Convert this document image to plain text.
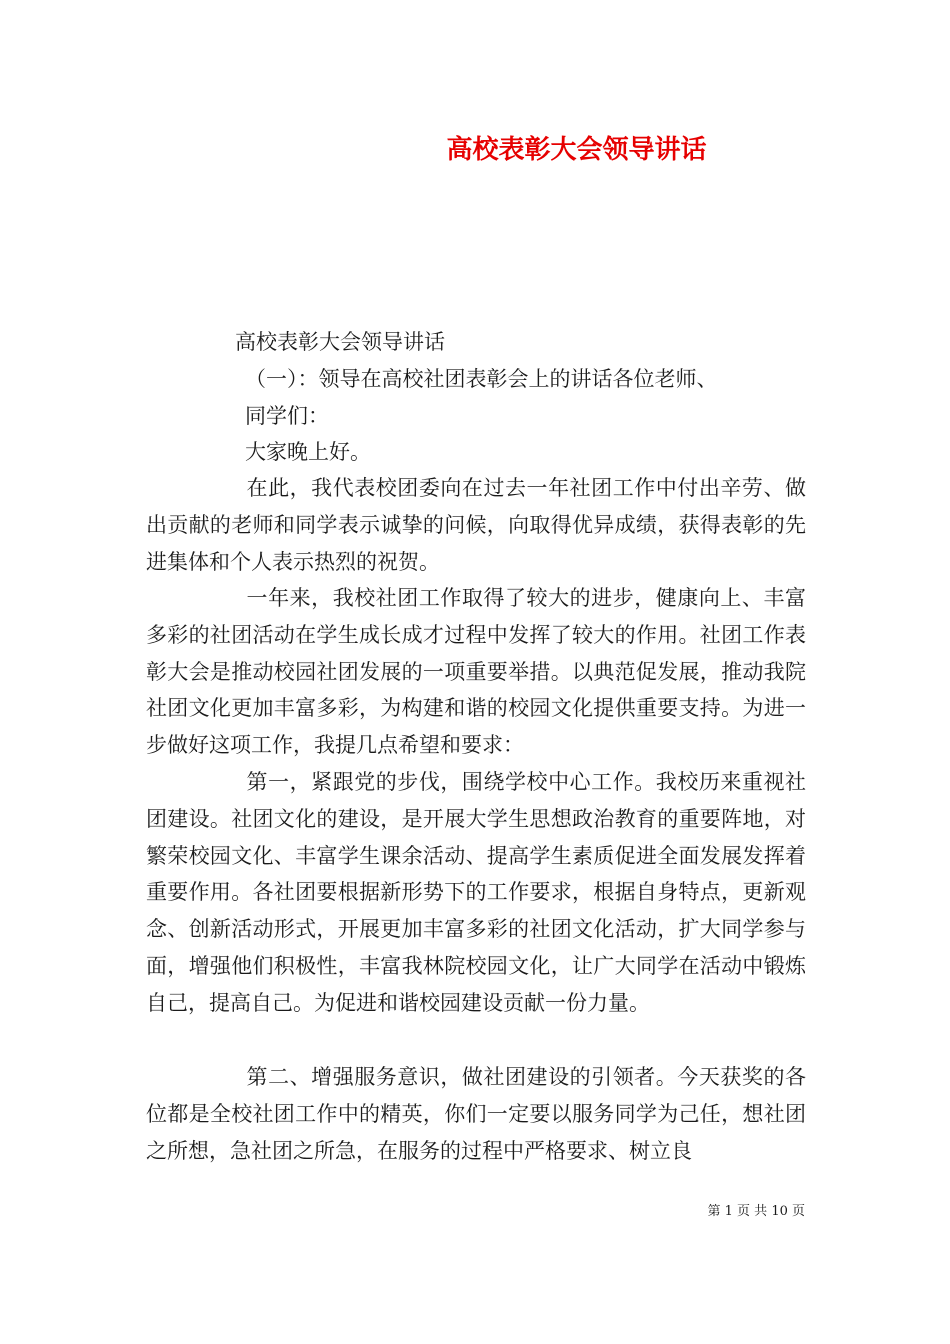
高校表彰大会领导讲话
高校表彰大会领导讲话
（一）：领导在高校社团表彰会上的讲话各位老师、
同学们：
大家晚上好。

在此，我代表校团委向在过去一年社团工作中付出辛劳、做出贡献的老师和同学表示诚挚的问候，向取得优异成绩，获得表彰的先进集体和个人表示热烈的祝贺。

一年来，我校社团工作取得了较大的进步，健康向上、丰富多彩的社团活动在学生成长成才过程中发挥了较大的作用。社团工作表彰大会是推动校园社团发展的一项重要举措。以典范促发展，推动我院社团文化更加丰富多彩，为构建和谐的校园文化提供重要支持。为进一步做好这项工作，我提几点希望和要求：

第一，紧跟党的步伐，围绕学校中心工作。我校历来重视社团建设。社团文化的建设，是开展大学生思想政治教育的重要阵地，对繁荣校园文化、丰富学生课余活动、提高学生素质促进全面发展发挥着重要作用。各社团要根据新形势下的工作要求，根据自身特点，更新观念、创新活动形式，开展更加丰富多彩的社团文化活动，扩大同学参与面，增强他们积极性，丰富我林院校园文化，让广大同学在活动中锻炼自己，提高自己。为促进和谐校园建设贡献一份力量。

第二、增强服务意识，做社团建设的引领者。今天获奖的各位都是全校社团工作中的精英，你们一定要以服务同学为己任，想社团之所想，急社团之所急，在服务的过程中严格要求、树立良

第 1 页 共 10 页
